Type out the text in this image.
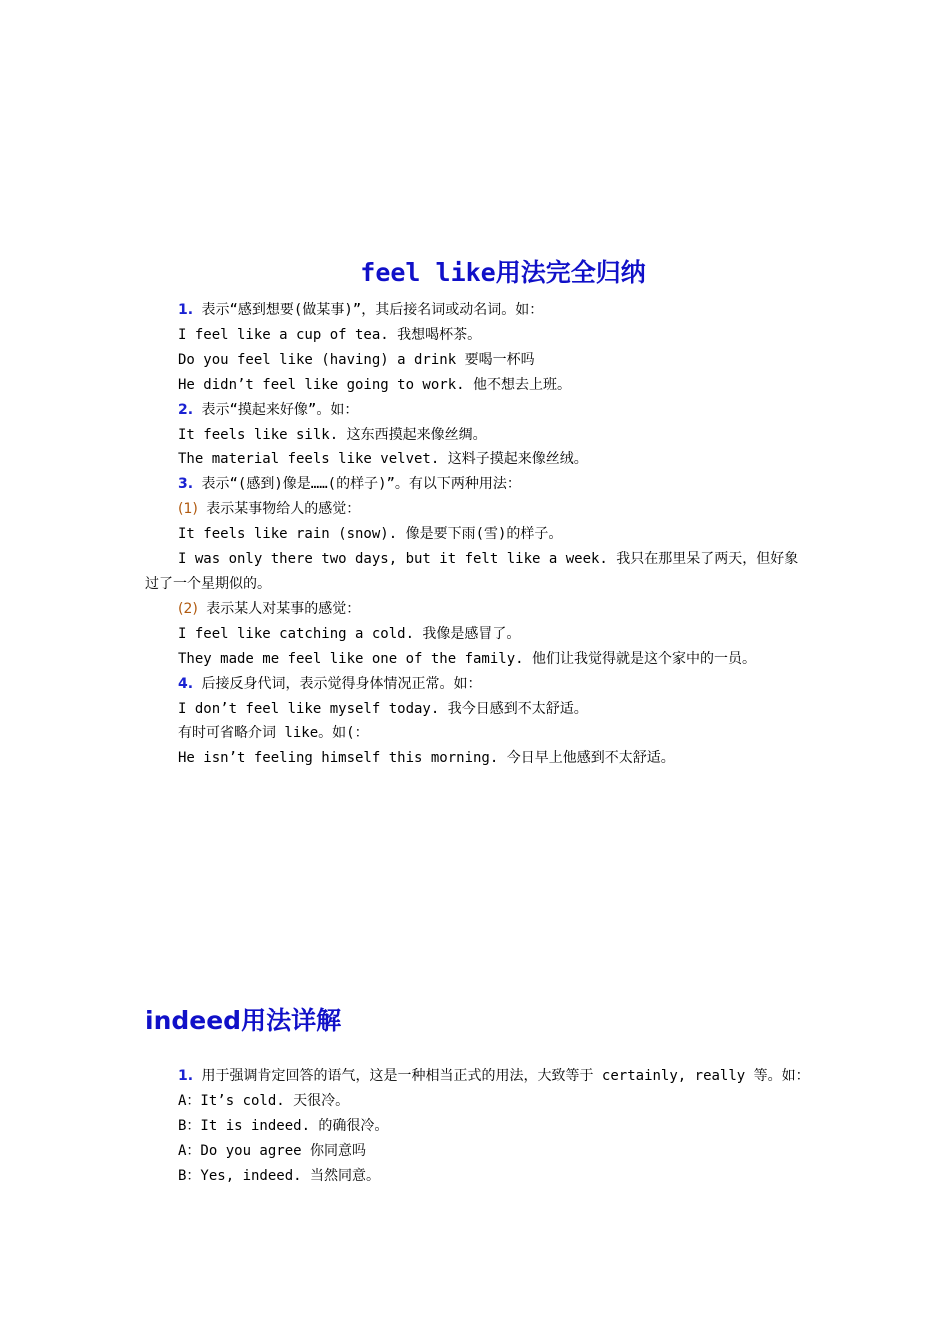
feel like用法完全归纳
1. 表示“感到想要(做某事)”，其后接名词或动名词。如：
I feel like a cup of tea. 我想喝杯茶。
Do you feel like (having) a drink 要喝一杯吗
He didn’t feel like going to work. 他不想去上班。
2. 表示“摸起来好像”。如：
It feels like silk. 这东西摸起来像丝绸。
The material feels like velvet. 这料子摸起来像丝绒。
3. 表示“(感到)像是……(的样子)”。有以下两种用法：
(1) 表示某事物给人的感觉：
It feels like rain (snow). 像是要下雨(雪)的样子。
I was only there two days, but it felt like a week. 我只在那里呆了两天，但好象过了一个星期似的。
(2) 表示某人对某事的感觉：
I feel like catching a cold. 我像是感冒了。
They made me feel like one of the family. 他们让我觉得就是这个家中的一员。
4. 后接反身代词，表示觉得身体情况正常。如：
I don’t feel like myself today. 我今日感到不太舒适。
有时可省略介词 like。如(：
He isn’t feeling himself this morning. 今日早上他感到不太舒适。
indeed用法详解
1. 用于强调肯定回答的语气，这是一种相当正式的用法，大致等于 certainly, really 等。如：
A：It’s cold. 天很冷。
B：It is indeed. 的确很冷。
A：Do you agree 你同意吗
B：Yes, indeed. 当然同意。
